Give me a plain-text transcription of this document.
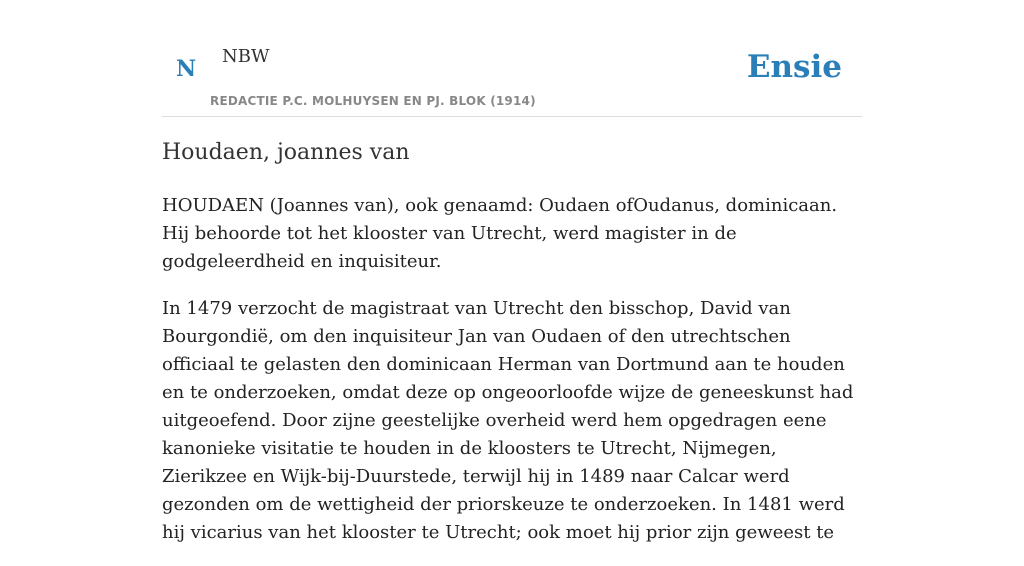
N NBW
REDACTIE P.C. MOLHUYSEN EN PJ. BLOK (1914)
Ensie
Houdaen, joannes van

HOUDAEN (Joannes van), ook genaamd: Oudaen ofOudanus, dominicaan. Hij behoorde tot het klooster van Utrecht, werd magister in de godgeleerdheid en inquisiteur.

In 1479 verzocht de magistraat van Utrecht den bisschop, David van Bourgondië, om den inquisiteur Jan van Oudaen of den utrechtschen officiaal te gelasten den dominicaan Herman van Dortmund aan te houden en te onderzoeken, omdat deze op ongeoorloofde wijze de geneeskunst had uitgeoefend. Door zijne geestelijke overheid werd hem opgedragen eene kanonieke visitatie te houden in de kloosters te Utrecht, Nijmegen, Zierikzee en Wijk-bij-Duurstede, terwijl hij in 1489 naar Calcar werd gezonden om de wettigheid der priorskeuze te onderzoeken. In 1481 werd hij vicarius van het klooster te Utrecht; ook moet hij prior zijn geweest te
